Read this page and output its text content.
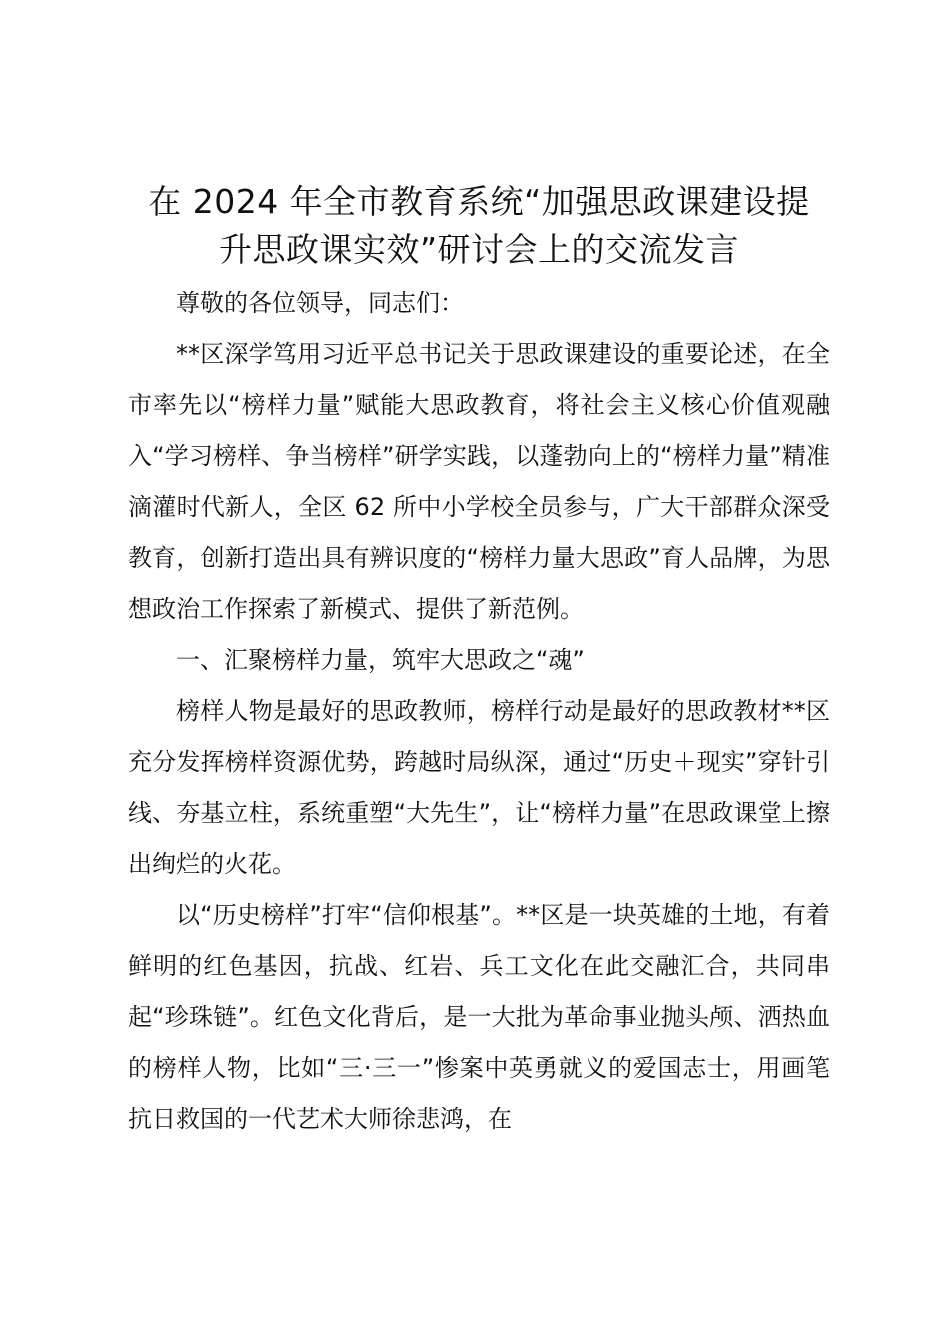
在 2024 年全市教育系统“加强思政课建设提
升思政课实效”研讨会上的交流发言

尊敬的各位领导，同志们：

**区深学笃用习近平总书记关于思政课建设的重要论述，在全市率先以“榜样力量”赋能大思政教育，将社会主义核心价值观融入“学习榜样、争当榜样”研学实践，以蓬勃向上的“榜样力量”精准滴灌时代新人，全区 62 所中小学校全员参与，广大干部群众深受教育，创新打造出具有辨识度的“榜样力量大思政”育人品牌，为思想政治工作探索了新模式、提供了新范例。

一、汇聚榜样力量，筑牢大思政之“魂”

榜样人物是最好的思政教师，榜样行动是最好的思政教材**区充分发挥榜样资源优势，跨越时局纵深，通过“历史＋现实”穿针引线、夯基立柱，系统重塑“大先生”，让“榜样力量”在思政课堂上擦出绚烂的火花。

以“历史榜样”打牢“信仰根基”。**区是一块英雄的土地，有着鲜明的红色基因，抗战、红岩、兵工文化在此交融汇合，共同串起“珍珠链”。红色文化背后，是一大批为革命事业抛头颅、洒热血的榜样人物，比如“三·三一”惨案中英勇就义的爱国志士，用画笔抗日救国的一代艺术大师徐悲鸿，在
